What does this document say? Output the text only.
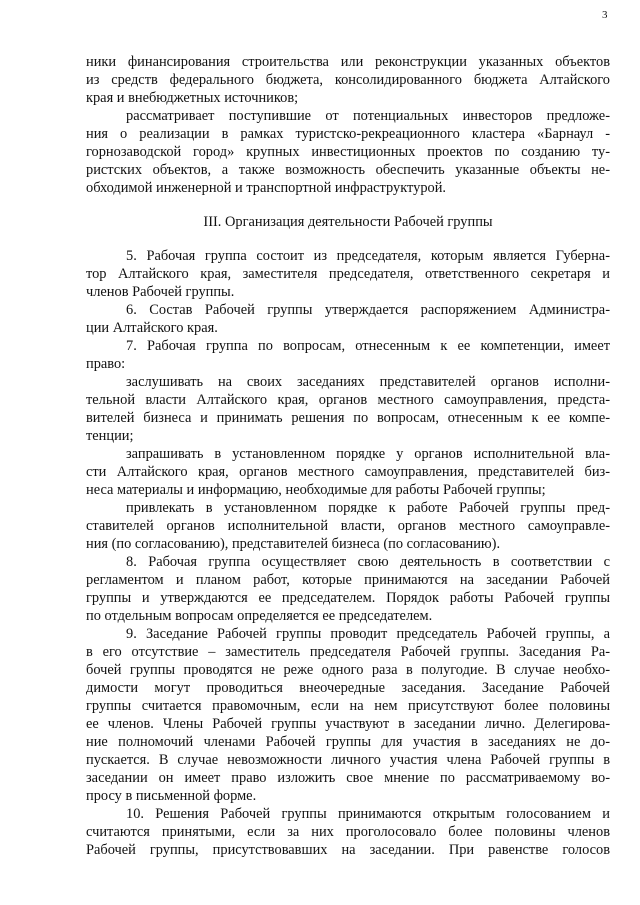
3
ники финансирования строительства или реконструкции указанных объектов
из средств федерального бюджета, консолидированного бюджета Алтайского
края и внебюджетных источников;
рассматривает поступившие от потенциальных инвесторов предложе-
ния о реализации в рамках туристско-рекреационного кластера «Барнаул -
горнозаводской город» крупных инвестиционных проектов по созданию ту-
ристских объектов, а также возможность обеспечить указанные объекты не-
обходимой инженерной и транспортной инфраструктурой.
III. Организация деятельности Рабочей группы
5. Рабочая группа состоит из председателя, которым является Губерна-
тор Алтайского края, заместителя председателя, ответственного секретаря и
членов Рабочей группы.
6. Состав Рабочей группы утверждается распоряжением Администра-
ции Алтайского края.
7. Рабочая группа по вопросам, отнесенным к ее компетенции, имеет
право:
заслушивать на своих заседаниях представителей органов исполни-
тельной власти Алтайского края, органов местного самоуправления, предста-
вителей бизнеса и принимать решения по вопросам, отнесенным к ее компе-
тенции;
запрашивать в установленном порядке у органов исполнительной вла-
сти Алтайского края, органов местного самоуправления, представителей биз-
неса материалы и информацию, необходимые для работы Рабочей группы;
привлекать в установленном порядке к работе Рабочей группы пред-
ставителей органов исполнительной власти, органов местного самоуправле-
ния (по согласованию), представителей бизнеса (по согласованию).
8. Рабочая группа осуществляет свою деятельность в соответствии с
регламентом и планом работ, которые принимаются на заседании Рабочей
группы и утверждаются ее председателем. Порядок работы Рабочей группы
по отдельным вопросам определяется ее председателем.
9. Заседание Рабочей группы проводит председатель Рабочей группы, а
в его отсутствие – заместитель председателя Рабочей группы. Заседания Ра-
бочей группы проводятся не реже одного раза в полугодие. В случае необхо-
димости могут проводиться внеочередные заседания. Заседание Рабочей
группы считается правомочным, если на нем присутствуют более половины
ее членов. Члены Рабочей группы участвуют в заседании лично. Делегирова-
ние полномочий членами Рабочей группы для участия в заседаниях не до-
пускается. В случае невозможности личного участия члена Рабочей группы в
заседании он имеет право изложить свое мнение по рассматриваемому во-
просу в письменной форме.
10. Решения Рабочей группы принимаются открытым голосованием и
считаются принятыми, если за них проголосовало более половины членов
Рабочей группы, присутствовавших на заседании. При равенстве голосов
